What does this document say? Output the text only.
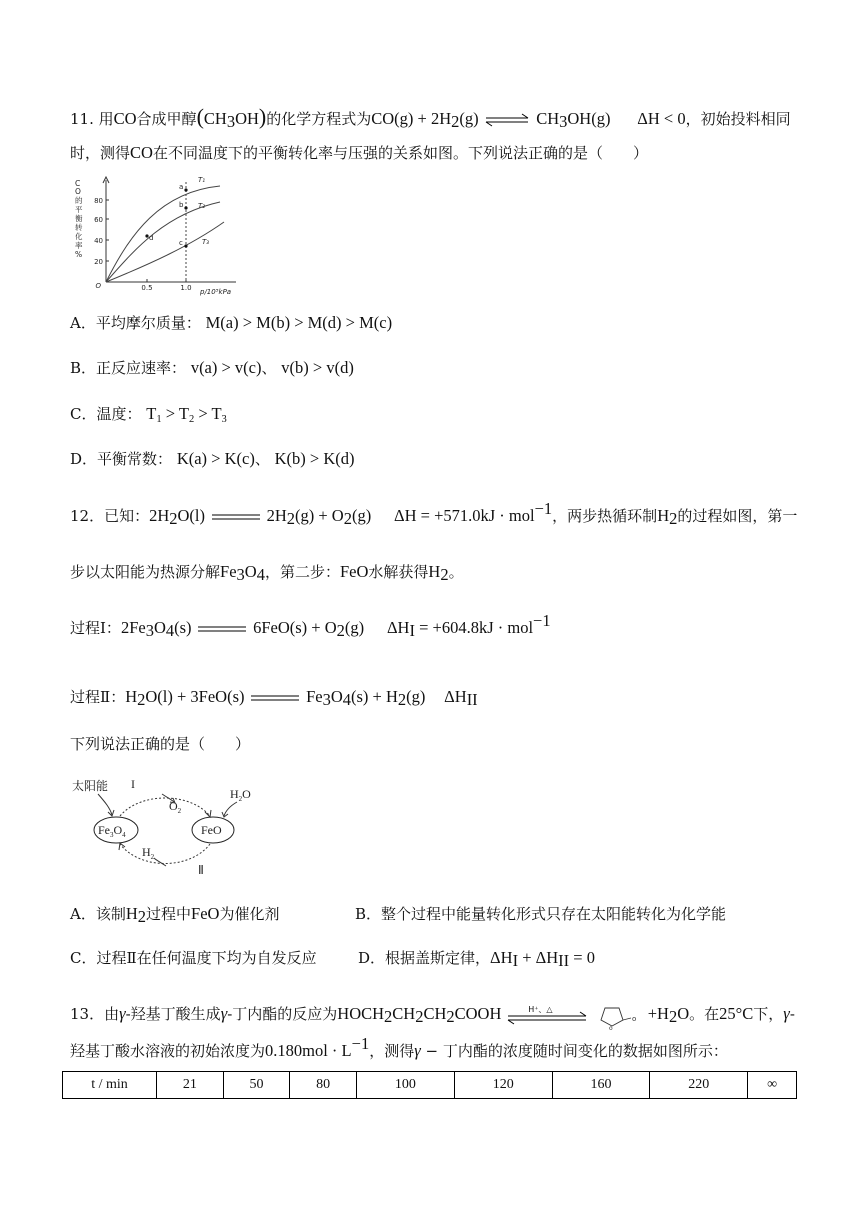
11. 用CO合成甲醇$(CH_3OH)$的化学方程式为$CO(g) + 2H_2(g)$ ⇌ $CH_3OH(g) \Delta H < 0$，初始投料相同
时，测得CO在不同温度下的平衡转化率与压强的关系如图。下列说法正确的是（　　）
C
O
的
平
衡
转
化
率
%
O
20
40
60
80
0.5	1.0 p/10⁵kPa
T₁
T₂
T₃
a
b
c
d
A．平均摩尔质量： M(a) > M(b) > M(d) > M(c)
B．正反应速率： v(a) > v(c)、 v(b) > v(d)
C．温度： $T_1 > T_2 > T_3$
D．平衡常数： K(a) > K(c)、 K(b) > K(d)
12．已知：$2H_2O(l)$	$2H_2(g) + O_2(g) \Delta H = +571.0kJ \cdot mol^{-1}$，两步热循环制$H_2$的过程如图，第一
步以太阳能为热源分解$Fe_3O_4$，第二步：FeO水解获得$H_2$。
过程Ⅰ：$2Fe_3O_4(s)$	$6FeO(s) + O_2(g) \Delta H_I = +604.8kJ \cdot mol^{-1}$
过程Ⅱ：$H_2O(l) + 3FeO(s)$	$Fe_3O_4(s) + H_2(g)$ $\Delta H_{II}$
下列说法正确的是（　　）
太阳能 I
$O_2$
$H_2O$
$H_2$
Ⅱ
$Fe_3O_4$	FeO
A．该制$H_2$过程中FeO为催化剂	B．整个过程中能量转化形式只存在太阳能转化为化学能
C．过程Ⅱ在任何温度下均为自发反应	D．根据盖斯定律，$\Delta H_I + \Delta H_{II} = 0$
13．由γ-羟基丁酸生成γ-丁内酯的反应为$HOCH_2CH_2CH_2COOH$	H⁺、△

o
o
$+H_2O$。在25°C下，γ-
羟基丁酸水溶液的初始浓度为$0.180mol \cdot L^{-1}$，测得γ − 丁内酯的浓度随时间变化的数据如图所示：
t / min	21	50	80	100	120	160	220	∞
